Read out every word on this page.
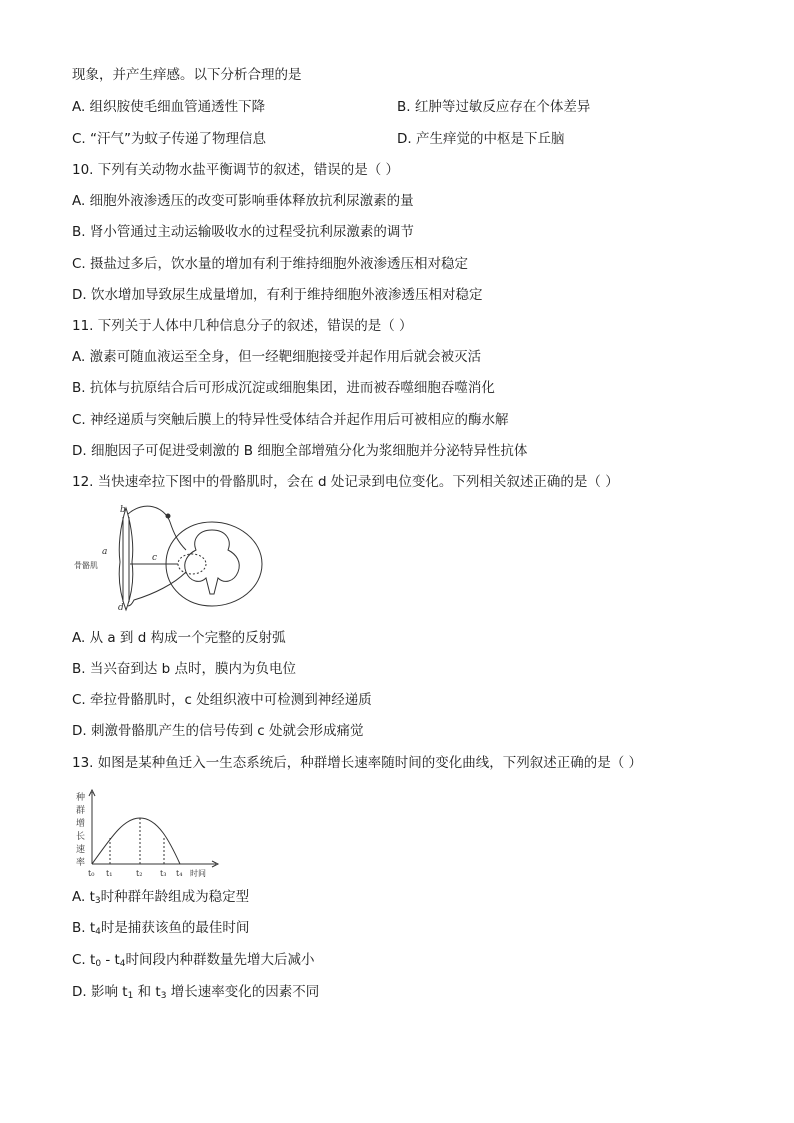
现象，并产生痒感。以下分析合理的是
A. 组织胺使毛细血管通透性下降	B. 红肿等过敏反应存在个体差异
C. “汗气”为蚊子传递了物理信息	D. 产生痒觉的中枢是下丘脑
10. 下列有关动物水盐平衡调节的叙述，错误的是（ ）
A. 细胞外液渗透压的改变可影响垂体释放抗利尿激素的量
B. 肾小管通过主动运输吸收水的过程受抗利尿激素的调节
C. 摄盐过多后，饮水量的增加有利于维持细胞外液渗透压相对稳定
D. 饮水增加导致尿生成量增加，有利于维持细胞外液渗透压相对稳定
11. 下列关于人体中几种信息分子的叙述，错误的是（ ）
A. 激素可随血液运至全身，但一经靶细胞接受并起作用后就会被灭活
B. 抗体与抗原结合后可形成沉淀或细胞集团，进而被吞噬细胞吞噬消化
C. 神经递质与突触后膜上的特异性受体结合并起作用后可被相应的酶水解
D. 细胞因子可促进受刺激的 B 细胞全部增殖分化为浆细胞并分泌特异性抗体
12. 当快速牵拉下图中的骨骼肌时，会在 d 处记录到电位变化。下列相关叙述正确的是（ ）
b
a
c
d
骨骼肌
A. 从 a 到 d 构成一个完整的反射弧
B. 当兴奋到达 b 点时，膜内为负电位
C. 牵拉骨骼肌时，c 处组织液中可检测到神经递质
D. 刺激骨骼肌产生的信号传到 c 处就会形成痛觉
13. 如图是某种鱼迁入一生态系统后，种群增长速率随时间的变化曲线，下列叙述正确的是（ ）
种
群
增
长
速
率
t₀ t₁	t₂ t₃ t₄ 时间
A. $t_3$时种群年龄组成为稳定型
B. $t_4$时是捕获该鱼的最佳时间
C. $t_0 - t_4$时间段内种群数量先增大后减小
D. 影响 $t_1$ 和 $t_3$ 增长速率变化的因素不同
